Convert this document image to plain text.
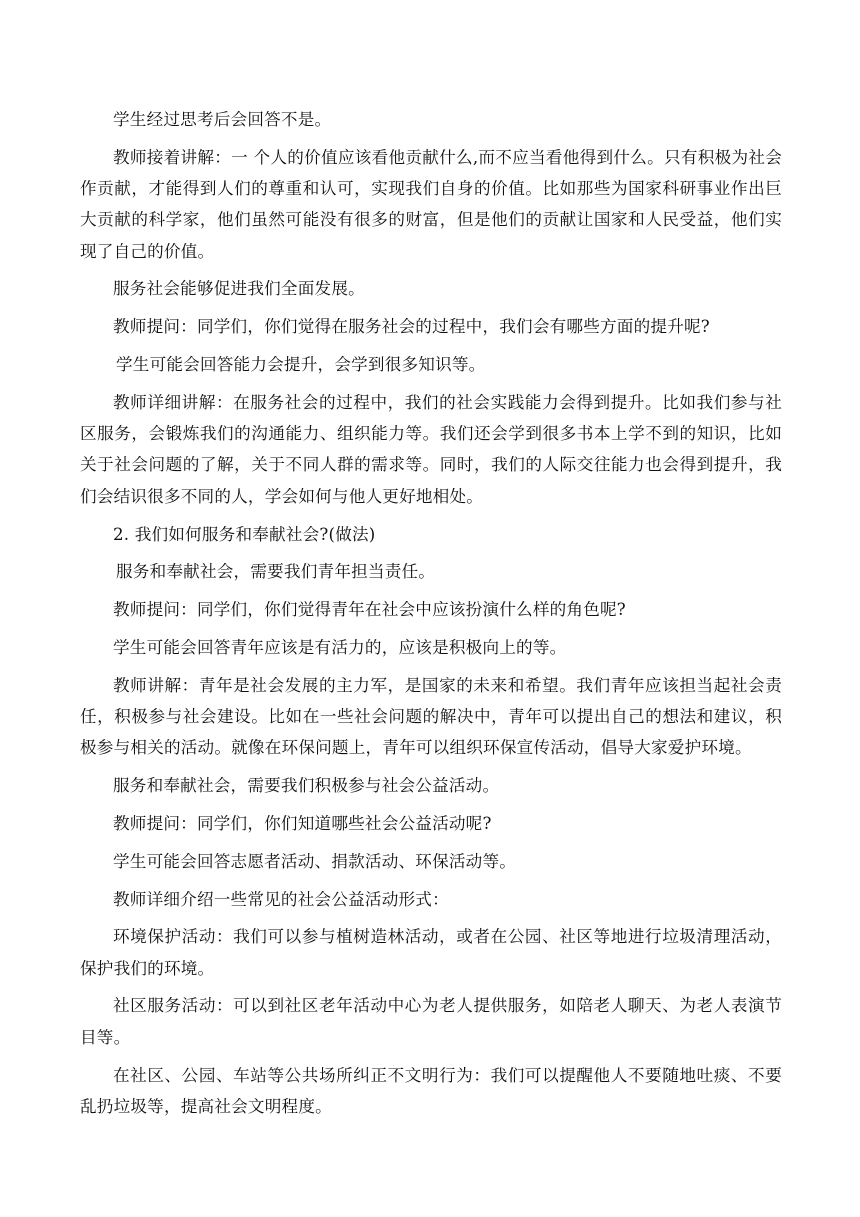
学生经过思考后会回答不是。

教师接着讲解：一 个人的价值应该看他贡献什么,而不应当看他得到什么。只有积极为社会作贡献，才能得到人们的尊重和认可，实现我们自身的价值。比如那些为国家科研事业作出巨大贡献的科学家，他们虽然可能没有很多的财富，但是他们的贡献让国家和人民受益，他们实现了自己的价值。

服务社会能够促进我们全面发展。

教师提问：同学们，你们觉得在服务社会的过程中，我们会有哪些方面的提升呢?

学生可能会回答能力会提升，会学到很多知识等。

教师详细讲解：在服务社会的过程中，我们的社会实践能力会得到提升。比如我们参与社区服务，会锻炼我们的沟通能力、组织能力等。我们还会学到很多书本上学不到的知识，比如关于社会问题的了解，关于不同人群的需求等。同时，我们的人际交往能力也会得到提升，我们会结识很多不同的人，学会如何与他人更好地相处。

2. 我们如何服务和奉献社会?(做法)

服务和奉献社会，需要我们青年担当责任。

教师提问：同学们，你们觉得青年在社会中应该扮演什么样的角色呢?

学生可能会回答青年应该是有活力的，应该是积极向上的等。

教师讲解：青年是社会发展的主力军，是国家的未来和希望。我们青年应该担当起社会责任，积极参与社会建设。比如在一些社会问题的解决中，青年可以提出自己的想法和建议，积极参与相关的活动。就像在环保问题上，青年可以组织环保宣传活动，倡导大家爱护环境。

服务和奉献社会，需要我们积极参与社会公益活动。

教师提问：同学们，你们知道哪些社会公益活动呢?

学生可能会回答志愿者活动、捐款活动、环保活动等。

教师详细介绍一些常见的社会公益活动形式：

环境保护活动：我们可以参与植树造林活动，或者在公园、社区等地进行垃圾清理活动，保护我们的环境。

社区服务活动：可以到社区老年活动中心为老人提供服务，如陪老人聊天、为老人表演节目等。

在社区、公园、车站等公共场所纠正不文明行为：我们可以提醒他人不要随地吐痰、不要乱扔垃圾等，提高社会文明程度。
